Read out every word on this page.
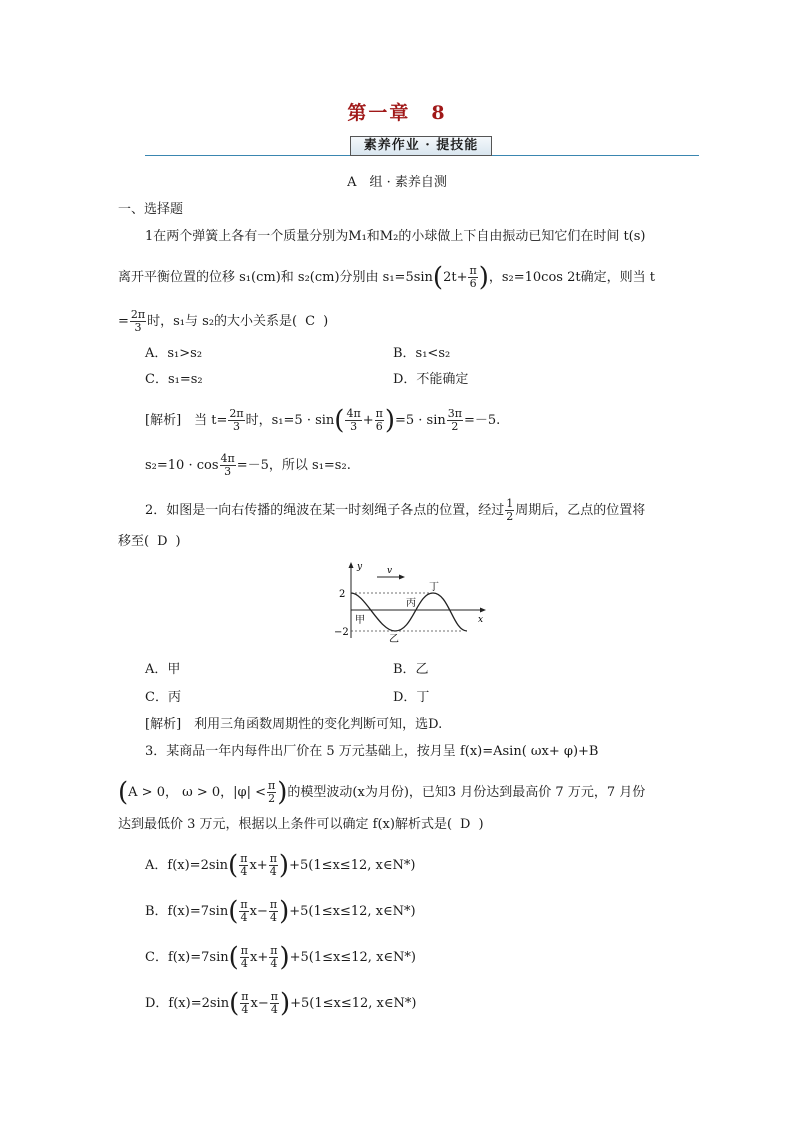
第一章　8
素养作业 · 提技能
A　组 · 素养自测
一、选择题
1在两个弹簧上各有一个质量分别为M₁和M₂的小球做上下自由振动已知它们在时间 t(s)
离开平衡位置的位移 s₁(cm)和 s₂(cm)分别由 $s_1=5\sin(2t+ \frac{\pi}{6}$ )，s₂=10cos 2t确定，则当 t
= $\frac{2\pi}{3}$ 时，s₁与 s₂的大小关系是( C )
A．s₁>s₂	B．s₁<s₂
C．s₁=s₂	D．不能确定
[解析]　当 $t= \frac{2\pi}{3}$ 时，$s_1=5 \cdot \sin( \frac{4\pi}{3} + \frac{\pi}{6} )=5 \cdot \sin \frac{3\pi}{2} =-5$.
$s_2=10 \cdot \cos \frac{4\pi}{3} =-5$，所以 s₁=s₂.
2．如图是一向右传播的绳波在某一时刻绳子各点的位置，经过 $\frac{1}{2}$ 周期后，乙点的位置将
移至( D )
v
y
x
2
−2
甲
乙
丙
丁
A．甲	B．乙
C．丙	D．丁
[解析]　利用三角函数周期性的变化判断可知，选D.
3．某商品一年内每件出厂价在 5 万元基础上，按月呈 f(x)=Asin( ωx+ φ)+B
(A > 0， ω > 0，$|\varphi| < \frac{\pi}{2}$ )的模型波动(x为月份)，已知3 月份达到最高价 7 万元，7 月份
达到最低价 3 万元，根据以上条件可以确定 f(x)解析式是( D )
A．$f(x)=2\sin( \frac{\pi}{4} x+ \frac{\pi}{4} )+5(1\le x\le 12$, x∈N*)
B．$f(x)=7\sin( \frac{\pi}{4} x- \frac{\pi}{4} )+5(1\le x\le 12$, x∈N*)
C．$f(x)=7\sin( \frac{\pi}{4} x+ \frac{\pi}{4} )+5(1\le x\le 12$, x∈N*)
D．$f(x)=2\sin( \frac{\pi}{4} x- \frac{\pi}{4} )+5(1\le x\le 12$, x∈N*)
